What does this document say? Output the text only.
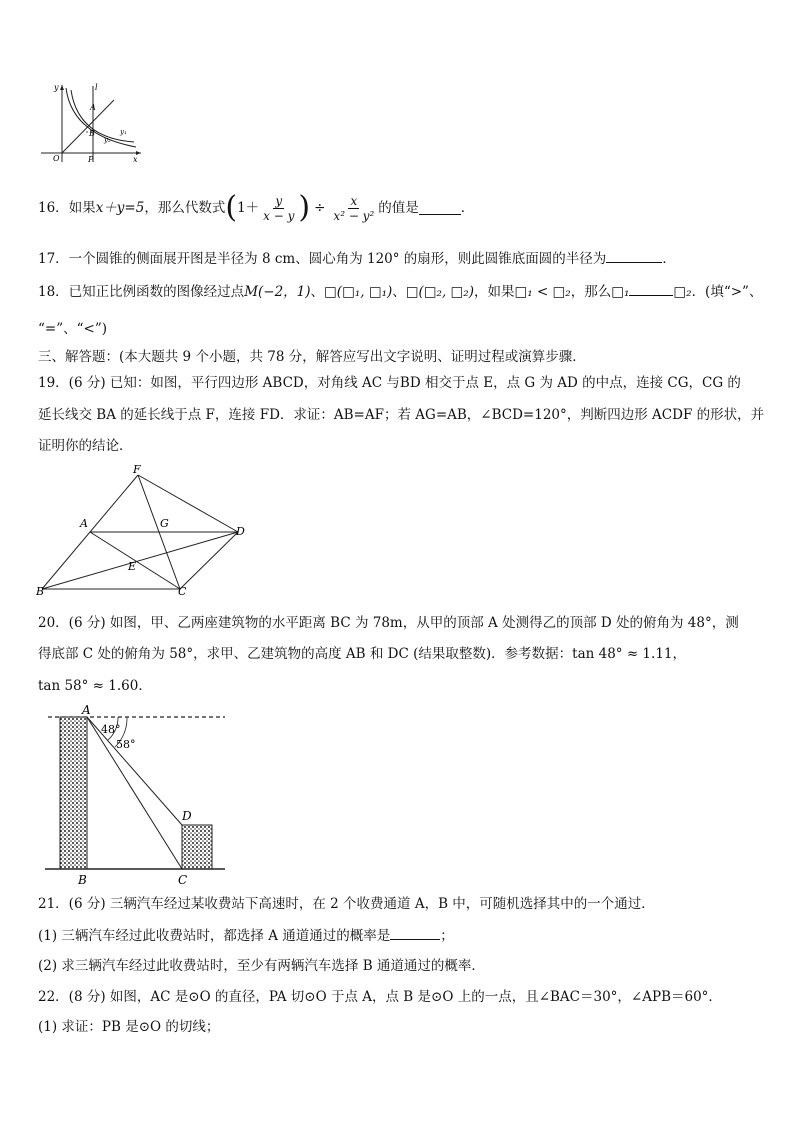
y	l
A
B	y₁
y₂
O	P	x
16． 如果 x＋y=5 ，那么代数式 ( $1+ \frac{y}{x - y}$ ) ÷ $\frac{x}{\text{x² − y²}}$ 的值是	．
17．一个圆锥的侧面展开图是半径为 8 cm、圆心角为 120° 的扇形，则此圆锥底面圆的半径为	．
18．已知正比例函数的图像经过点M(−2，1)、□(□₁, □₁)、□(□₂, □₂)，如果□₁ < □₂，那么□₁	□₂．(填“>”、
“=”、“<”)
三、解答题：(本大题共 9 个小题，共 78 分，解答应写出文字说明、证明过程或演算步骤．
19．(6 分) 已知：如图，平行四边形 ABCD，对角线 AC 与BD 相交于点 E，点 G 为 AD 的中点，连接 CG，CG 的
延长线交 BA 的延长线于点 F，连接 FD．求证：AB=AF；若 AG=AB，∠BCD=120°，判断四边形 ACDF 的形状，并
证明你的结论．
F
A	G
D
E
B	C
20．(6 分) 如图，甲、乙两座建筑物的水平距离 BC 为 78m，从甲的顶部 A 处测得乙的顶部 D 处的俯角为 48°，测
得底部 C 处的俯角为 58°，求甲、乙建筑物的高度 AB 和 DC (结果取整数)．参考数据：tan 48° ≈ 1.11，
tan 58° ≈ 1.60．
A
48°
58°
D
B	C
21．(6 分) 三辆汽车经过某收费站下高速时，在 2 个收费通道 A，B 中，可随机选择其中的一个通过．
(1) 三辆汽车经过此收费站时，都选择 A 通道通过的概率是	；
(2) 求三辆汽车经过此收费站时，至少有两辆汽车选择 B 通道通过的概率．
22．(8 分) 如图，AC 是⊙O 的直径，PA 切⊙O 于点 A，点 B 是⊙O 上的一点，且∠BAC＝30°，∠APB＝60°．
(1) 求证：PB 是⊙O 的切线；
